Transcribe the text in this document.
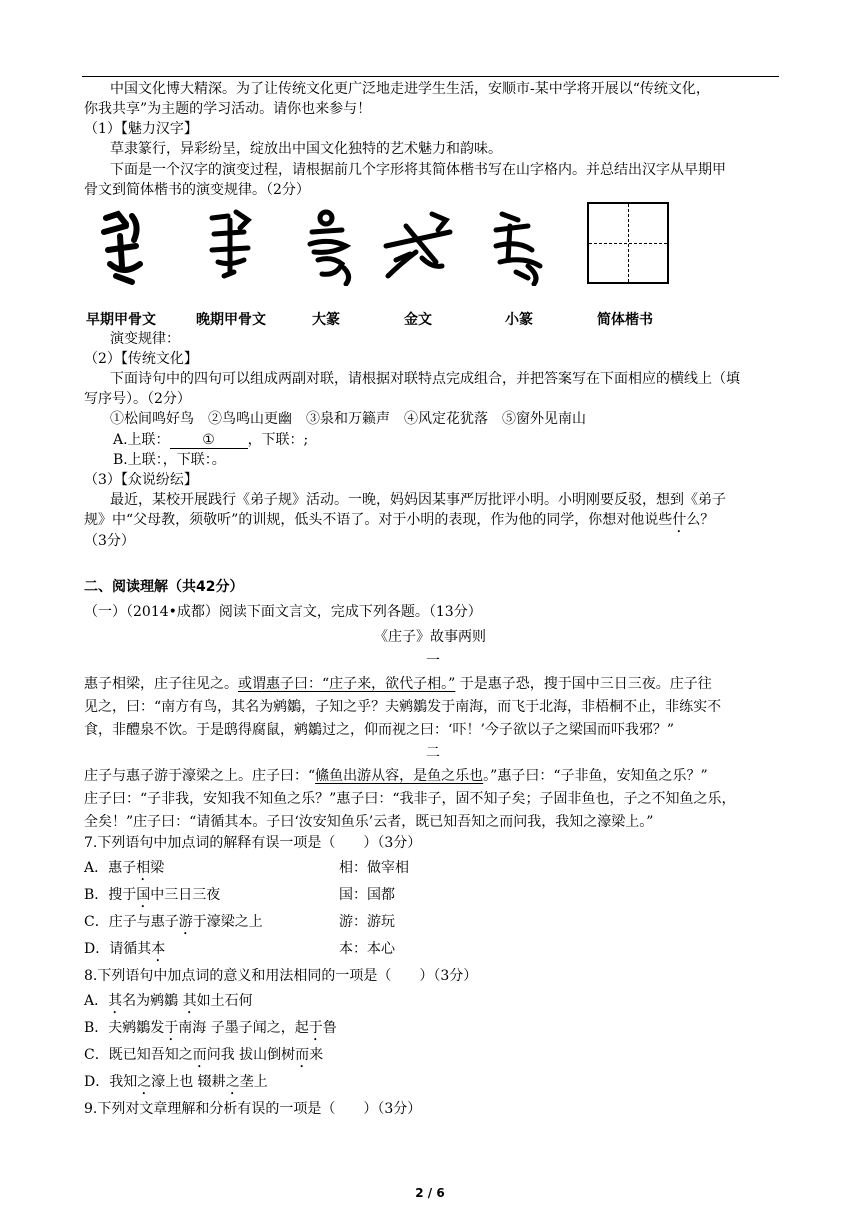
中国文化博大精深。为了让传统文化更广泛地走进学生生活，安顺市-某中学将开展以“传统文化，
你我共享”为主题的学习活动。请你也来参与！
（1）【魅力汉字】
草隶篆行，异彩纷呈，绽放出中国文化独特的艺术魅力和韵味。
下面是一个汉字的演变过程，请根据前几个字形将其简体楷书写在山字格内。并总结出汉字从早期甲
骨文到简体楷书的演变规律。（2分）
早期甲骨文	晚期甲骨文	大篆	金文	小篆	简体楷书
演变规律：
（2）【传统文化】
下面诗句中的四句可以组成两副对联，请根据对联特点完成组合，并把答案写在下面相应的横线上（填
写序号）。（2分）
①松间鸣好鸟　②鸟鸣山更幽　③泉和万籁声　④风定花犹落　⑤窗外见南山
A.上联： ① ，下联：;
B.上联：，下联：。
（3）【众说纷纭】
最近，某校开展践行《弟子规》活动。一晚，妈妈因某事严厉批评小明。小明刚要反驳，想到《弟子
规》中“父母教，须敬听”的训规，低头不语了。对于小明的表现，作为他的同学，你想对他说些什么？
（3分）
二、阅读理解（共42分）
（一）（2014•成都）阅读下面文言文，完成下列各题。（13分）
《庄子》故事两则
一
惠子相梁，庄子往见之。或谓惠子曰：“庄子来，欲代子相。” 于是惠子恐，搜于国中三日三夜。庄子往
见之，曰：“南方有鸟，其名为鹓鶵，子知之乎？夫鹓鶵发于南海，而飞于北海，非梧桐不止，非练实不
食，非醴泉不饮。于是鸱得腐鼠，鹓鶵过之，仰而视之曰：‘吓！’今子欲以子之梁国而吓我邪？”
二
庄子与惠子游于濠梁之上。庄子曰：“鯈鱼出游从容，是鱼之乐也。”惠子曰：“子非鱼，安知鱼之乐？”
庄子曰：“子非我，安知我不知鱼之乐？”惠子曰：“我非子，固不知子矣；子固非鱼也，子之不知鱼之乐，
全矣！”庄子曰：“请循其本。子曰‘汝安知鱼乐’云者，既已知吾知之而问我，我知之濠梁上。”
7.下列语句中加点词的解释有误一项是（　　）（3分）
A．惠子相梁	相：做宰相
B．搜于国中三日三夜	国：国都
C．庄子与惠子游于濠梁之上	游：游玩
D．请循其本	本：本心
8.下列语句中加点词的意义和用法相同的一项是（　　）（3分）
A．其名为鹓鶵 其如土石何
B．夫鹓鶵发于南海 子墨子闻之，起于鲁
C．既已知吾知之而问我 拔山倒树而来
D．我知之濠上也 辍耕之垄上
9.下列对文章理解和分析有误的一项是（　　）（3分）
2 / 6
